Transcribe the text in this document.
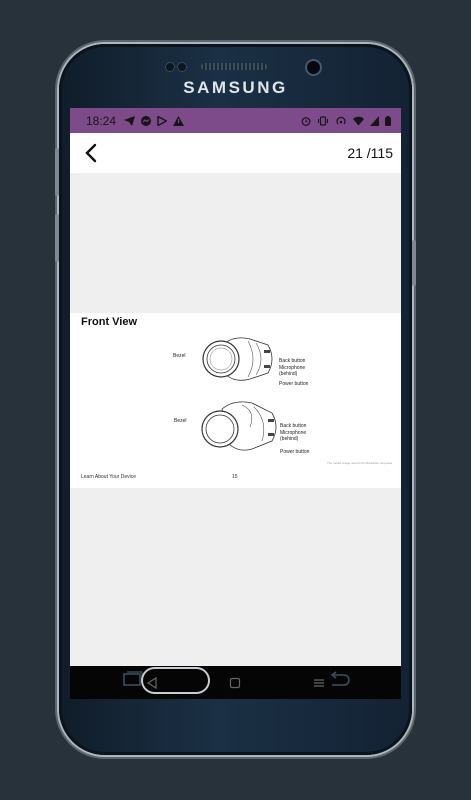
SAMSUNG
18:24
21 /115
Front View
Bezel
Back button
Microphone
(behind)
Power button
Bezel
Back button
Microphone
(behind)
Power button
The model image used is for illustrative purposes.
Learn About Your Device	15
